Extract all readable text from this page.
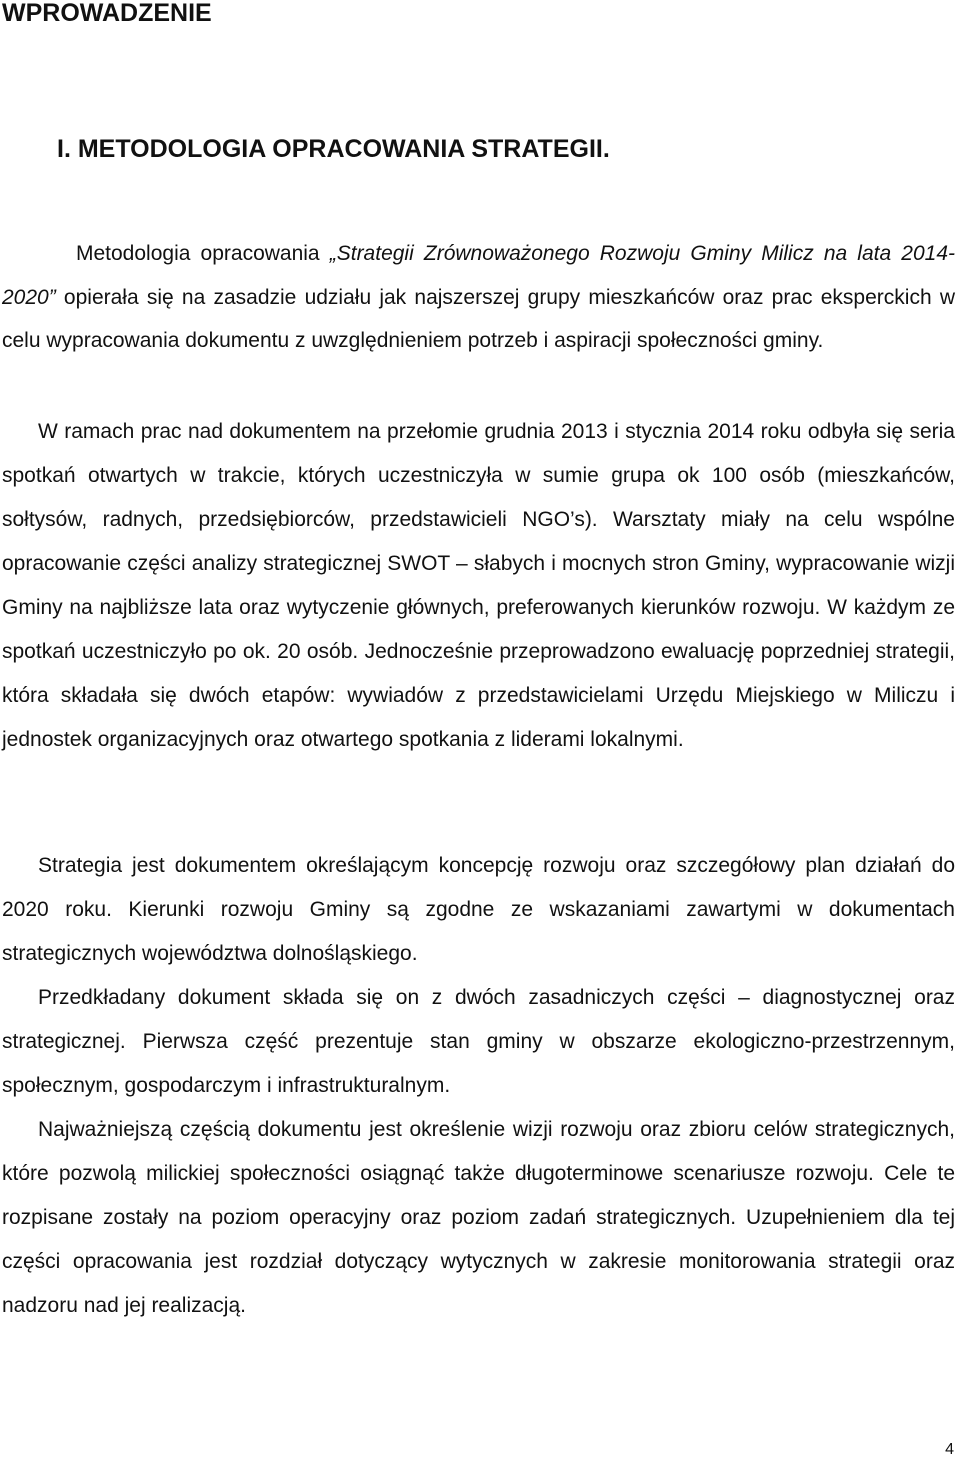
WPROWADZENIE
I. METODOLOGIA OPRACOWANIA STRATEGII.

Metodologia opracowania „Strategii Zrównoważonego Rozwoju Gminy Milicz na lata 2014-2020” opierała się na zasadzie udziału jak najszerszej grupy mieszkańców oraz prac eksperckich w celu wypracowania dokumentu z uwzględnieniem potrzeb i aspiracji społeczności gminy.

W ramach prac nad dokumentem na przełomie grudnia 2013 i stycznia 2014 roku odbyła się seria spotkań otwartych w trakcie, których uczestniczyła w sumie grupa ok 100 osób (mieszkańców, sołtysów, radnych, przedsiębiorców, przedstawicieli NGO’s). Warsztaty miały na celu wspólne opracowanie części analizy strategicznej SWOT – słabych i mocnych stron Gminy, wypracowanie wizji Gminy na najbliższe lata oraz wytyczenie głównych, preferowanych kierunków rozwoju. W każdym ze spotkań uczestniczyło po ok. 20 osób. Jednocześnie przeprowadzono ewaluację poprzedniej strategii, która składała się dwóch etapów: wywiadów z przedstawicielami Urzędu Miejskiego w Miliczu i jednostek organizacyjnych oraz otwartego spotkania z liderami lokalnymi.

Strategia jest dokumentem określającym koncepcję rozwoju oraz szczegółowy plan działań do 2020 roku. Kierunki rozwoju Gminy są zgodne ze wskazaniami zawartymi w dokumentach strategicznych województwa dolnośląskiego.

Przedkładany dokument składa się on z dwóch zasadniczych części – diagnostycznej oraz strategicznej. Pierwsza część prezentuje stan gminy w obszarze ekologiczno-przestrzennym, społecznym, gospodarczym i infrastrukturalnym.

Najważniejszą częścią dokumentu jest określenie wizji rozwoju oraz zbioru celów strategicznych, które pozwolą milickiej społeczności osiągnąć także długoterminowe scenariusze rozwoju. Cele te rozpisane zostały na poziom operacyjny oraz poziom zadań strategicznych. Uzupełnieniem dla tej części opracowania jest rozdział dotyczący wytycznych w zakresie monitorowania strategii oraz nadzoru nad jej realizacją.

4
